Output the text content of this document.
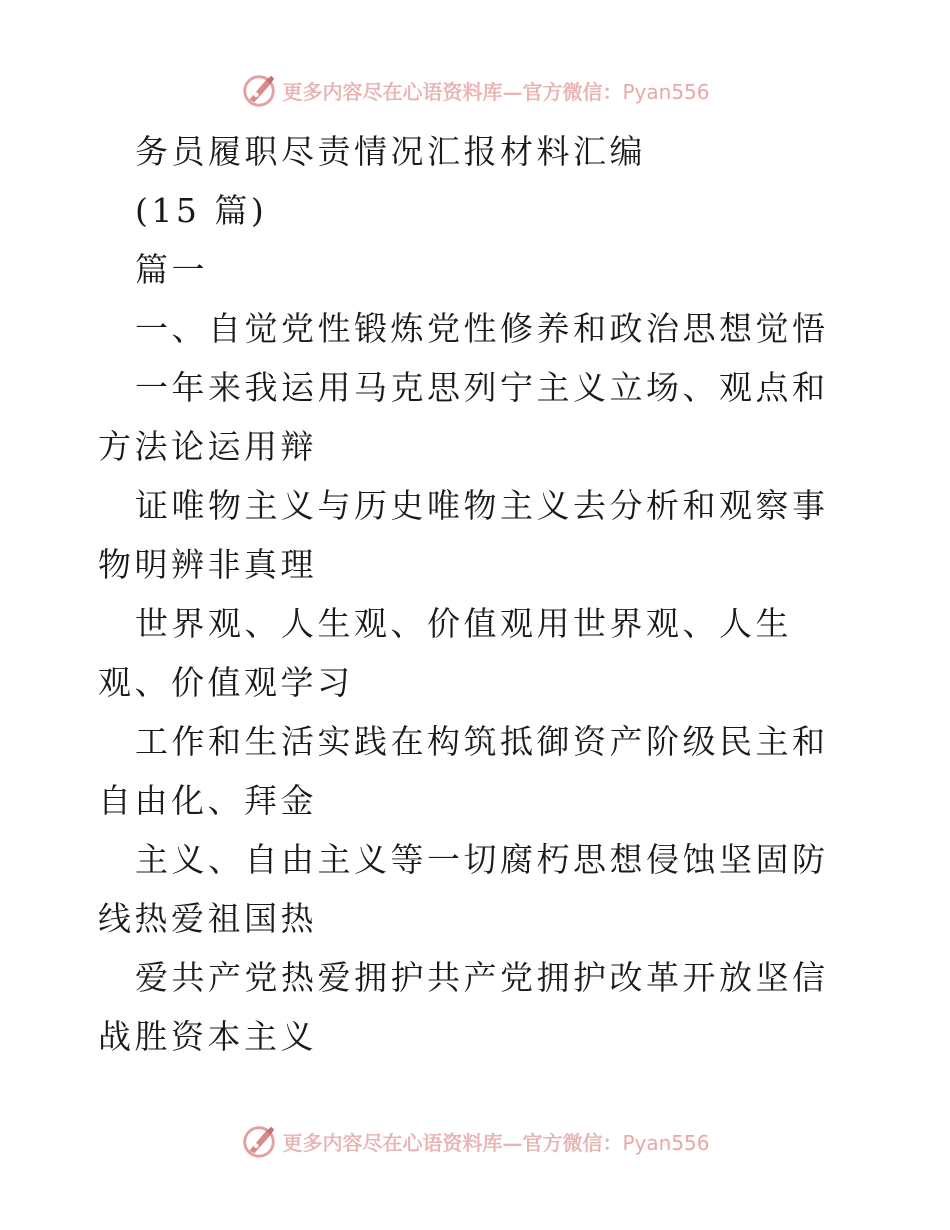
更多内容尽在心语资料库—官方微信：Pyan556

务员履职尽责情况汇报材料汇编

(15 篇)

篇一

一、自觉党性锻炼党性修养和政治思想觉悟

一年来我运用马克思列宁主义立场、观点和方法论运用辩

证唯物主义与历史唯物主义去分析和观察事物明辨非真理

世界观、人生观、价值观用世界观、人生观、价值观学习

工作和生活实践在构筑抵御资产阶级民主和自由化、拜金

主义、自由主义等一切腐朽思想侵蚀坚固防线热爱祖国热

爱共产党热爱拥护共产党拥护改革开放坚信战胜资本主义

更多内容尽在心语资料库—官方微信：Pyan556
